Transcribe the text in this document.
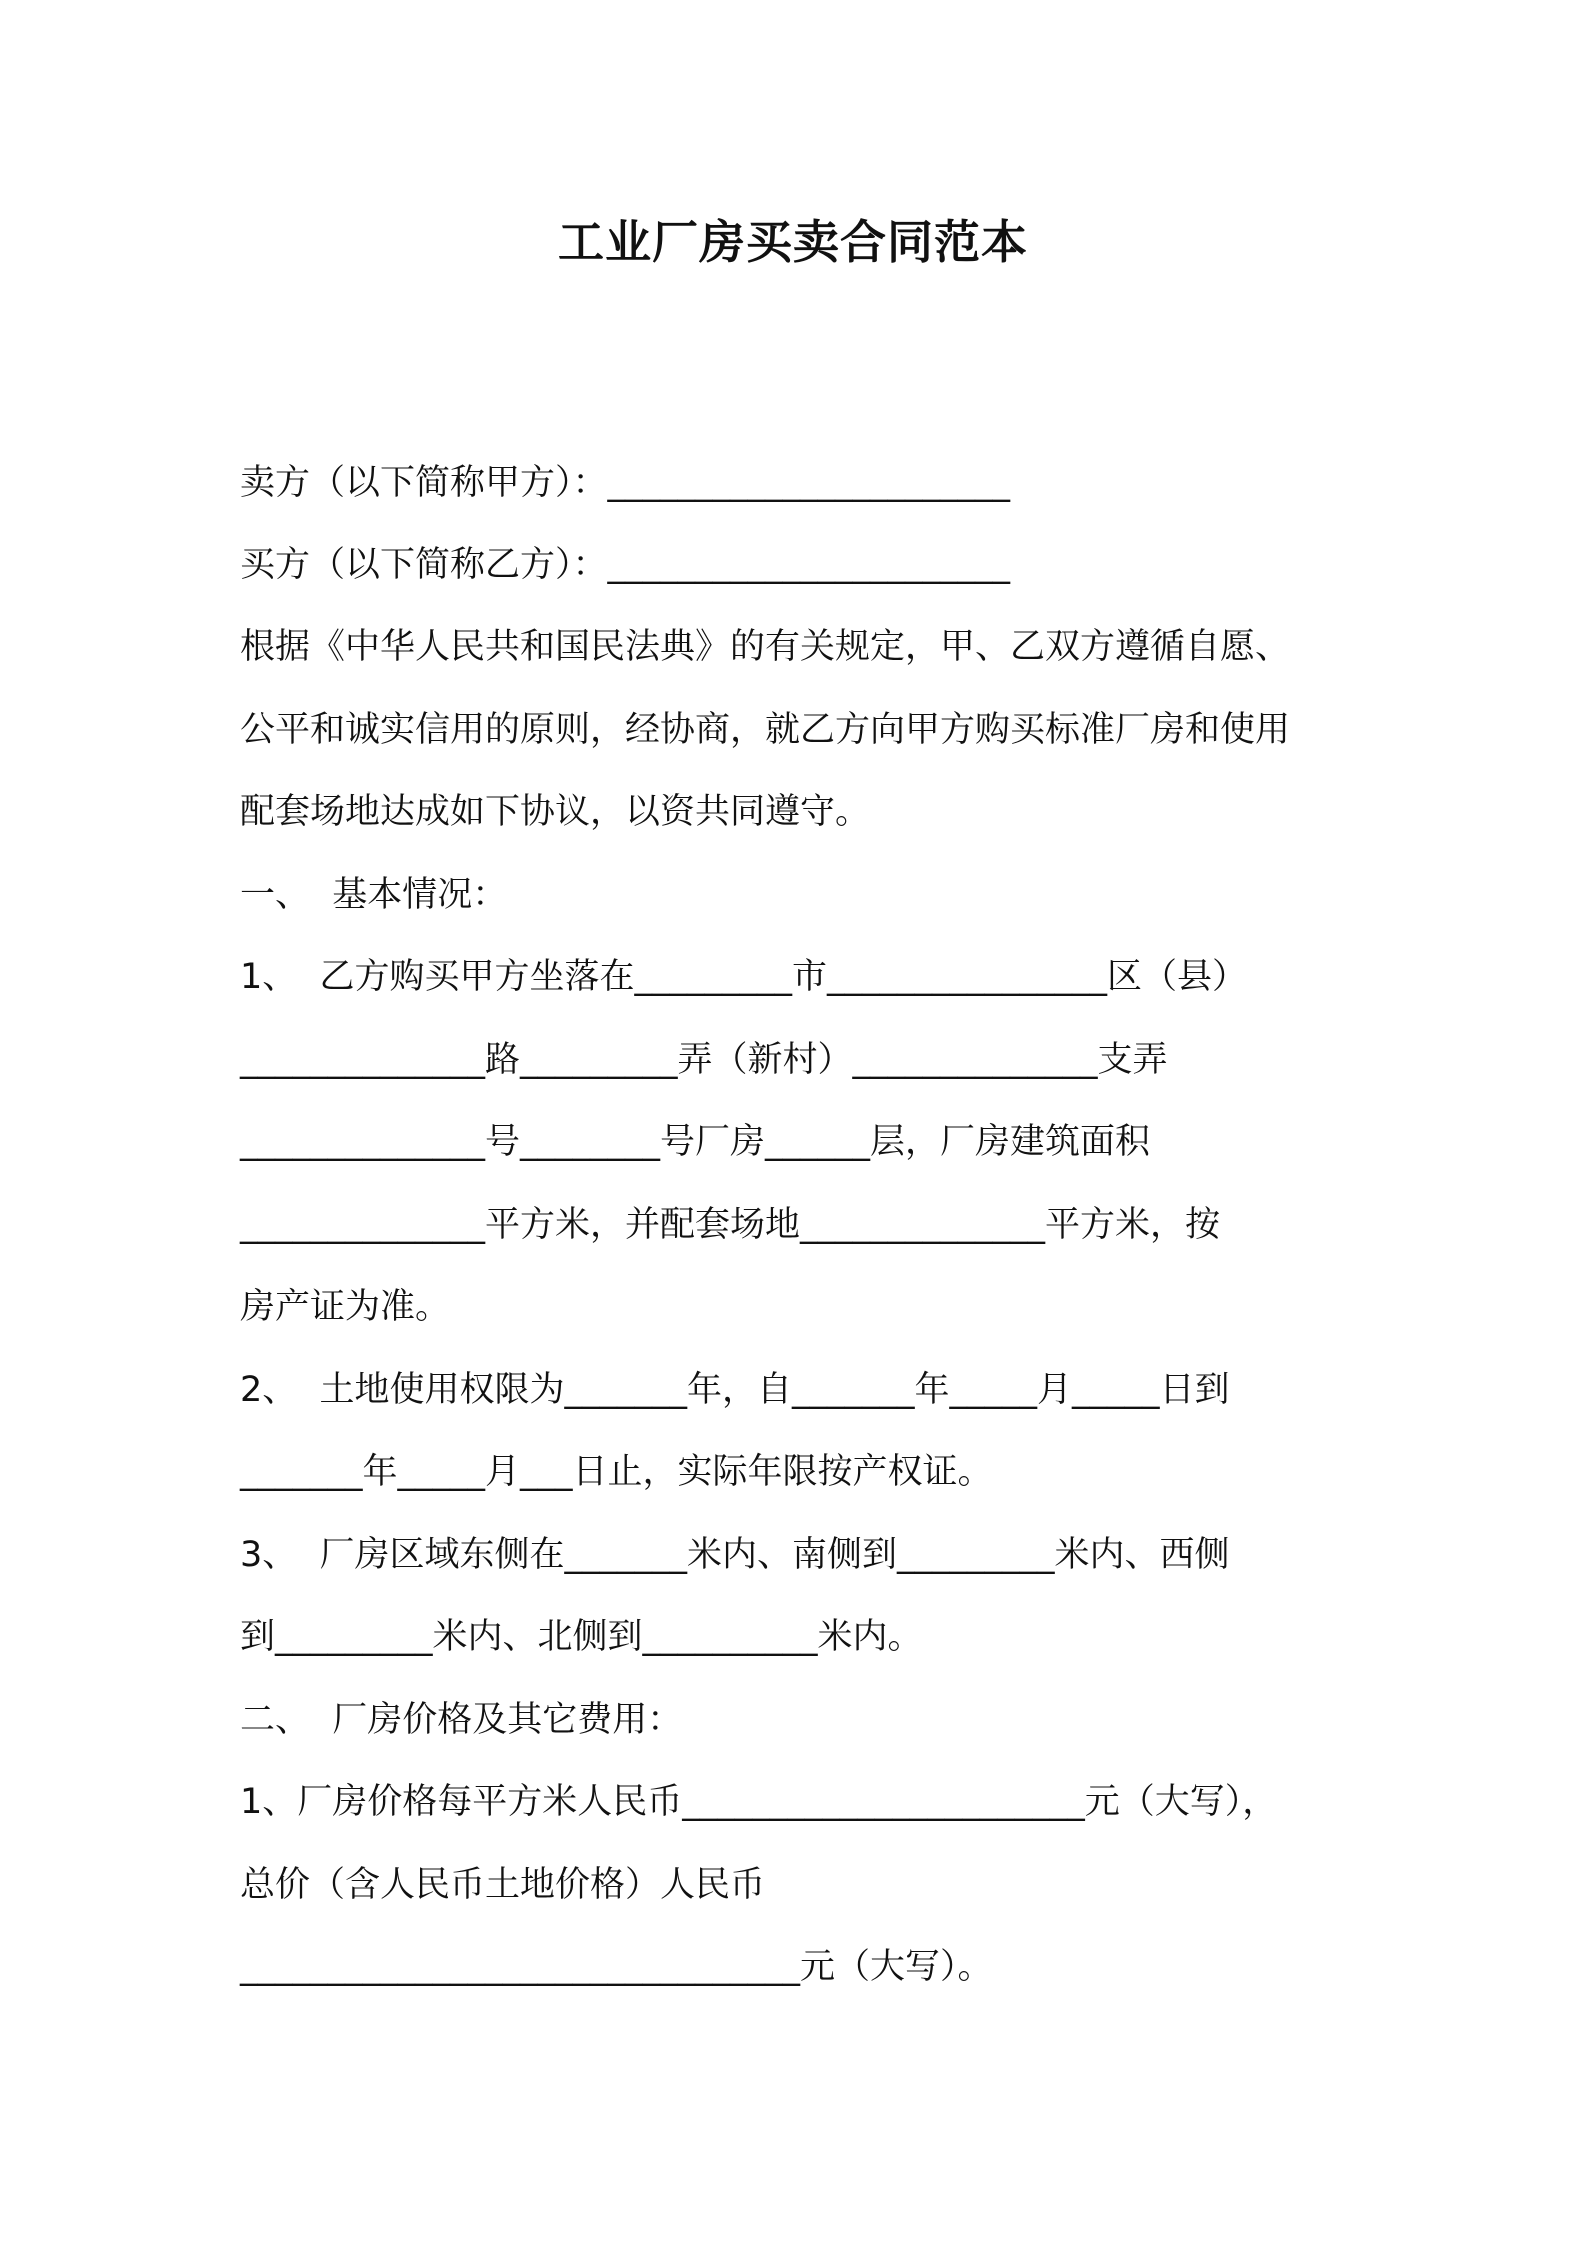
工业厂房买卖合同范本

卖方（以下简称甲方）：_______________________

买方（以下简称乙方）：_______________________

根据《中华人民共和国民法典》的有关规定，甲、乙双方遵循自愿、

公平和诚实信用的原则，经协商，就乙方向甲方购买标准厂房和使用

配套场地达成如下协议，以资共同遵守。

一、  基本情况：

1、  乙方购买甲方坐落在_________市________________区（县）

______________路_________弄（新村）______________支弄

______________号________号厂房______层，厂房建筑面积

______________平方米，并配套场地______________平方米，按

房产证为准。

2、  土地使用权限为_______年，自_______年_____月_____日到

_______年_____月___日止，实际年限按产权证。

3、  厂房区域东侧在_______米内、南侧到_________米内、西侧

到_________米内、北侧到__________米内。

二、  厂房价格及其它费用：

1、厂房价格每平方米人民币_______________________元（大写），

总价（含人民币土地价格）人民币

________________________________元（大写）。
